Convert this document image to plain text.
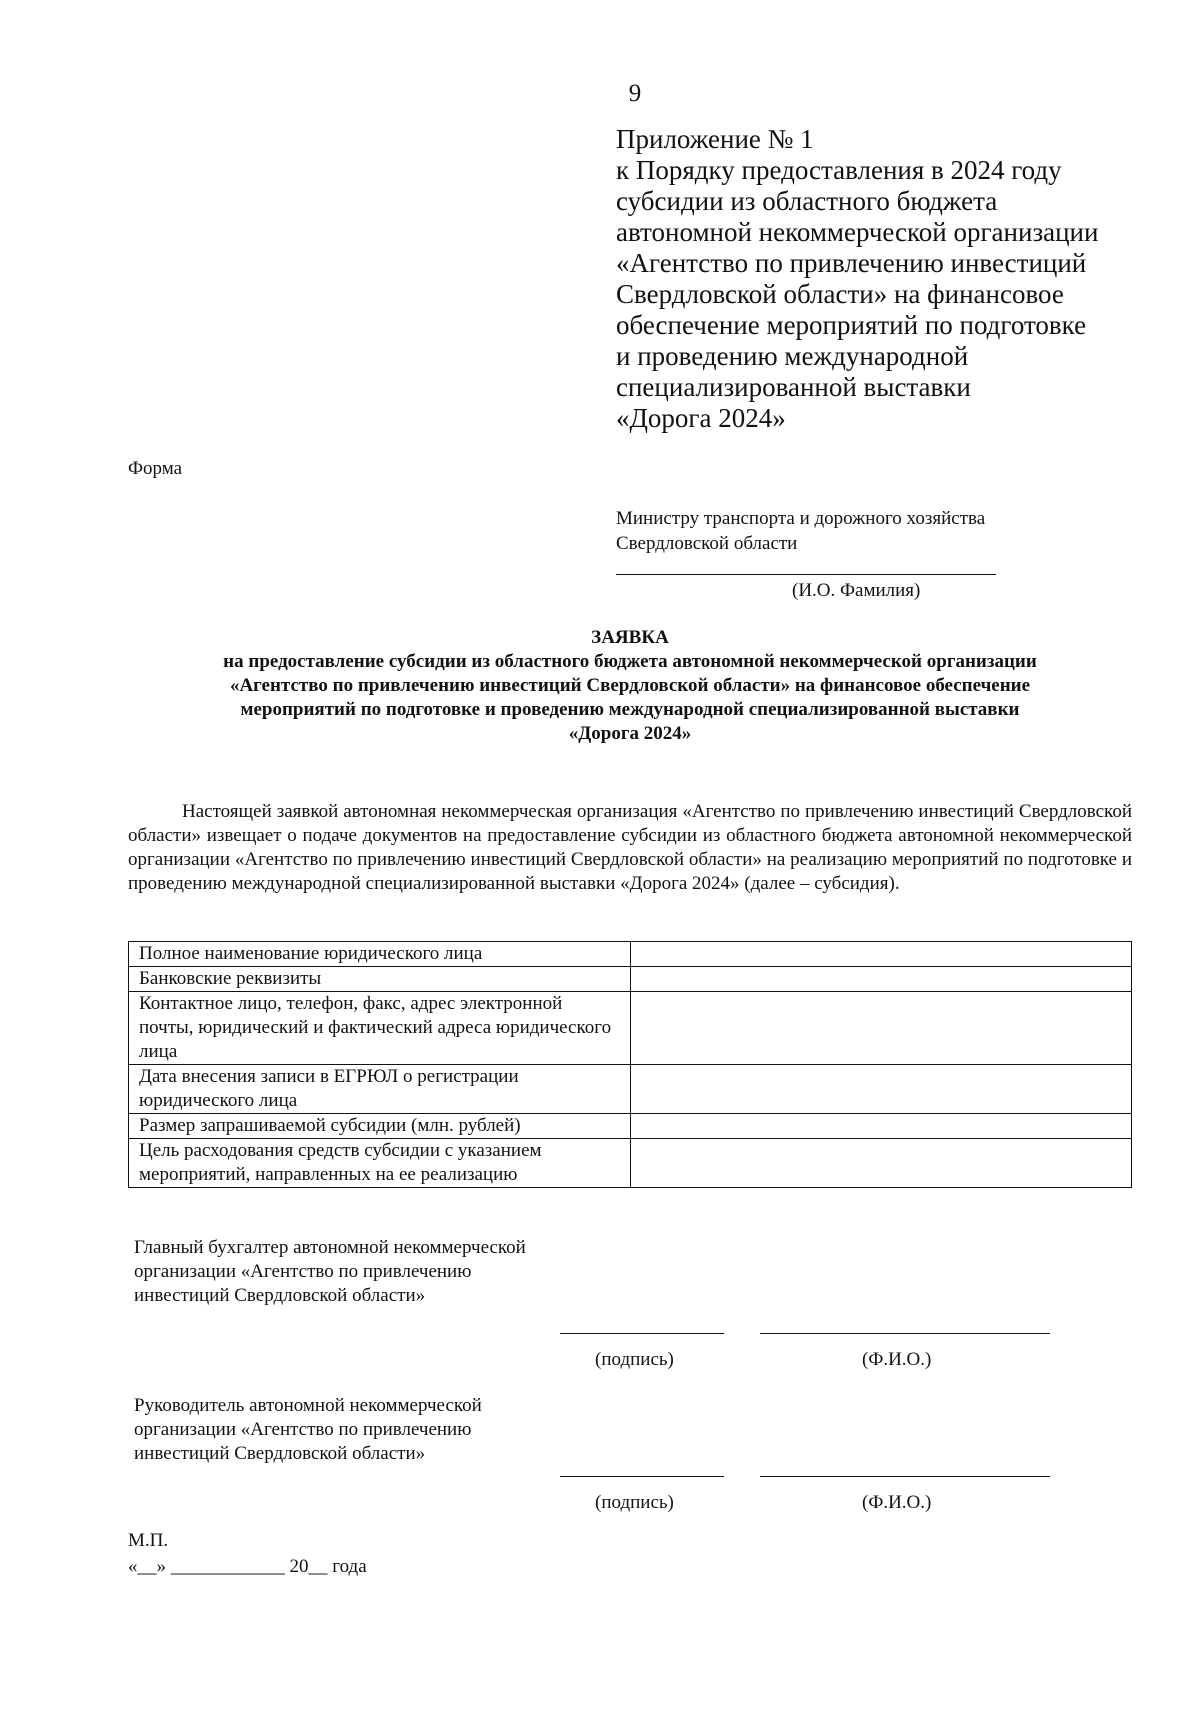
9
Приложение № 1
к Порядку предоставления в 2024 году
субсидии из областного бюджета
автономной некоммерческой организации
«Агентство по привлечению инвестиций
Свердловской области» на финансовое
обеспечение мероприятий по подготовке
и проведению международной
специализированной выставки
«Дорога 2024»
Форма
Министру транспорта и дорожного хозяйства
Свердловской области
(И.О. Фамилия)
ЗАЯВКА
на предоставление субсидии из областного бюджета автономной некоммерческой организации
«Агентство по привлечению инвестиций Свердловской области» на финансовое обеспечение
мероприятий по подготовке и проведению международной специализированной выставки
«Дорога 2024»
Настоящей заявкой автономная некоммерческая организация «Агентство по привлечению инвестиций Свердловской области» извещает о подаче документов на предоставление субсидии из областного бюджета автономной некоммерческой организации «Агентство по привлечению инвестиций Свердловской области» на реализацию мероприятий по подготовке и проведению международной специализированной выставки «Дорога 2024» (далее – субсидия).
Полное наименование юридического лица	
Банковские реквизиты	
Контактное лицо, телефон, факс, адрес электронной почты, юридический и фактический адреса юридического лица	
Дата внесения записи в ЕГРЮЛ о регистрации юридического лица	
Размер запрашиваемой субсидии (млн. рублей)	
Цель расходования средств субсидии с указанием мероприятий, направленных на ее реализацию	
Главный бухгалтер автономной некоммерческой организации «Агентство по привлечению инвестиций Свердловской области»
(подпись)	(Ф.И.О.)
Руководитель автономной некоммерческой организации «Агентство по привлечению инвестиций Свердловской области»
(подпись)	(Ф.И.О.)
М.П.
«__» ____________ 20__ года
